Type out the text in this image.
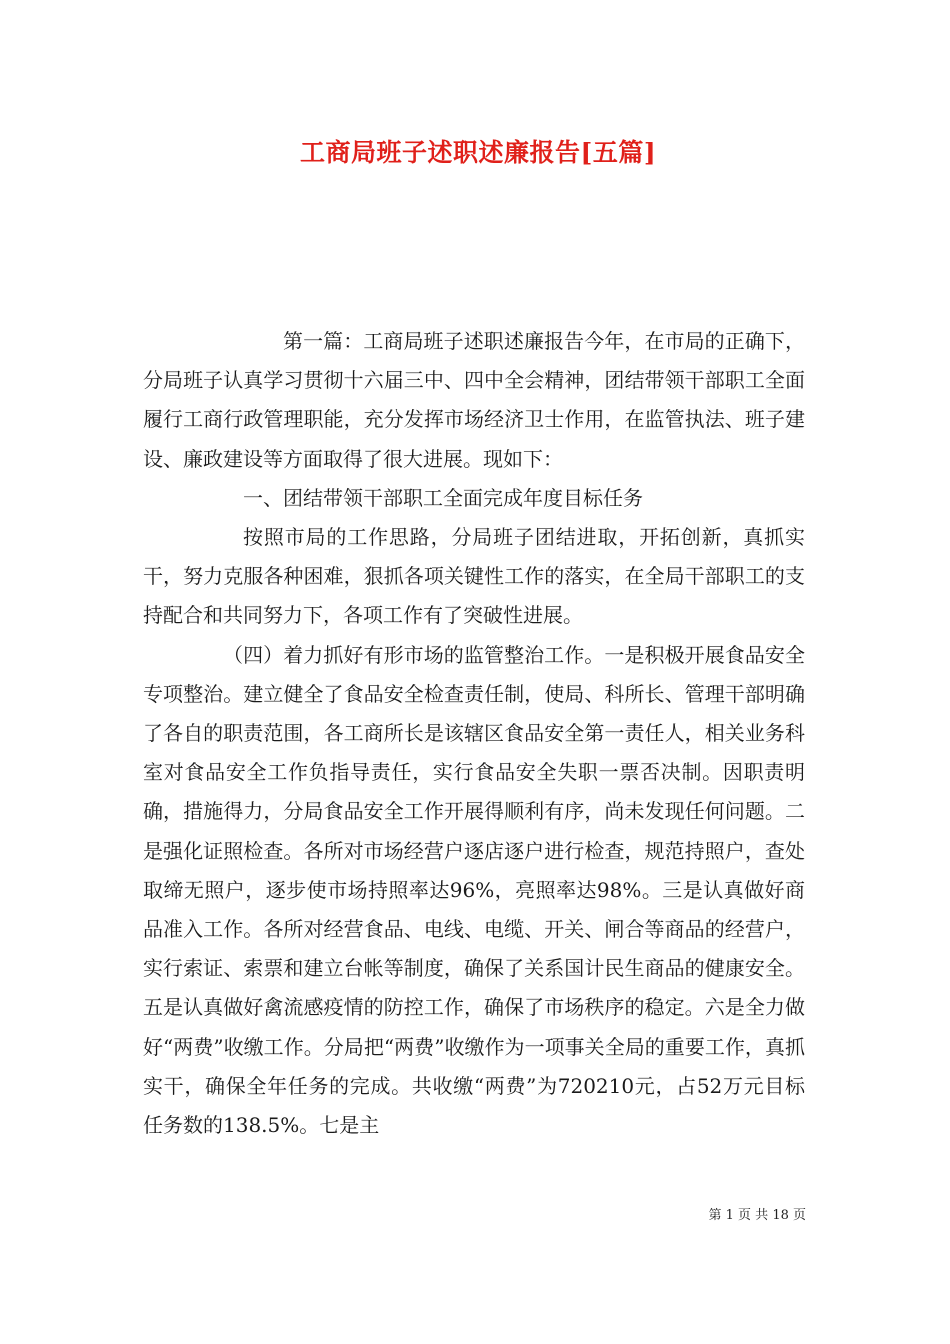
工商局班子述职述廉报告[五篇]

第一篇：工商局班子述职述廉报告今年，在市局的正确下，分局班子认真学习贯彻十六届三中、四中全会精神，团结带领干部职工全面履行工商行政管理职能，充分发挥市场经济卫士作用，在监管执法、班子建设、廉政建设等方面取得了很大进展。现如下：

一、团结带领干部职工全面完成年度目标任务

按照市局的工作思路，分局班子团结进取，开拓创新，真抓实干，努力克服各种困难，狠抓各项关键性工作的落实，在全局干部职工的支持配合和共同努力下，各项工作有了突破性进展。

（四）着力抓好有形市场的监管整治工作。一是积极开展食品安全专项整治。建立健全了食品安全检查责任制，使局、科所长、管理干部明确了各自的职责范围，各工商所长是该辖区食品安全第一责任人，相关业务科室对食品安全工作负指导责任，实行食品安全失职一票否决制。因职责明确，措施得力，分局食品安全工作开展得顺利有序，尚未发现任何问题。二是强化证照检查。各所对市场经营户逐店逐户进行检查，规范持照户，查处取缔无照户，逐步使市场持照率达96%，亮照率达98%。三是认真做好商品准入工作。各所对经营食品、电线、电缆、开关、闸合等商品的经营户，实行索证、索票和建立台帐等制度，确保了关系国计民生商品的健康安全。五是认真做好禽流感疫情的防控工作，确保了市场秩序的稳定。六是全力做好“两费”收缴工作。分局把“两费”收缴作为一项事关全局的重要工作，真抓实干，确保全年任务的完成。共收缴“两费”为720210元，占52万元目标任务数的138.5%。七是主

第 1 页 共 18 页
